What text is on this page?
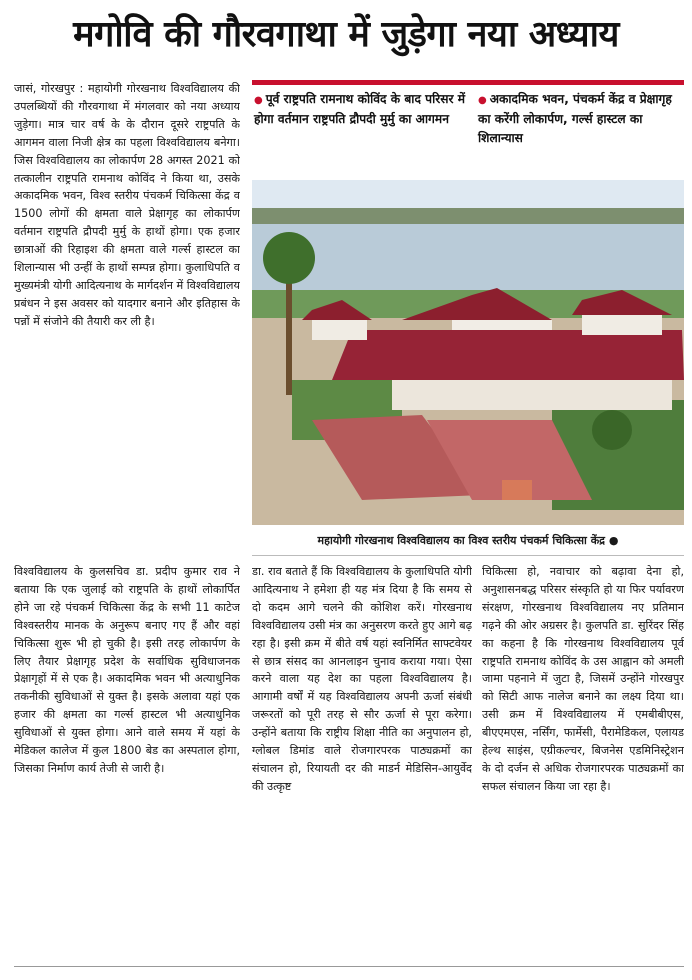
मगोवि की गौरवगाथा में जुड़ेगा नया अध्याय

जासं, गोरखपुर : महायोगी गोरखनाथ विश्वविद्यालय की उपलब्धियों की गौरवगाथा में मंगलवार को नया अध्याय जुड़ेगा। मात्र चार वर्ष के के दौरान दूसरे राष्ट्रपति के आगमन वाला निजी क्षेत्र का पहला विश्वविद्यालय बनेगा। जिस विश्वविद्यालय का लोकार्पण 28 अगस्त 2021 को तत्कालीन राष्ट्रपति रामनाथ कोविंद ने किया था, उसके अकादमिक भवन, विश्व स्तरीय पंचकर्म चिकित्सा केंद्र व 1500 लोगों की क्षमता वाले प्रेक्षागृह का लोकार्पण वर्तमान राष्ट्रपति द्रौपदी मुर्मु के हाथों होगा। एक हजार छात्राओं की रिहाइश की क्षमता वाले गर्ल्स हास्टल का शिलान्यास भी उन्हीं के हाथों सम्पन्न होगा। कुलाधिपति व मुख्यमंत्री योगी आदित्यनाथ के मार्गदर्शन में विश्वविद्यालय प्रबंधन ने इस अवसर को यादगार बनाने और इतिहास के पन्नों में संजोने की तैयारी कर ली है।

विश्वविद्यालय के कुलसचिव डा. प्रदीप कुमार राव ने बताया कि एक जुलाई को राष्ट्रपति के हाथों लोकार्पित होने जा रहे पंचकर्म चिकित्सा केंद्र के सभी 11 काटेज विश्वस्तरीय मानक के अनुरूप बनाए गए हैं और वहां चिकित्सा शुरू भी हो चुकी है। इसी तरह लोकार्पण के लिए तैयार प्रेक्षागृह प्रदेश के सर्वाधिक सुविधाजनक प्रेक्षागृहों में से एक है। अकादमिक भवन भी अत्याधुनिक तकनीकी सुविधाओं से युक्त है। इसके अलावा यहां एक हजार की क्षमता का गर्ल्स हास्टल भी अत्याधुनिक सुविधाओं से युक्त होगा। आने वाले समय में यहां के मेडिकल कालेज में कुल 1800 बेड का अस्पताल होगा, जिसका निर्माण कार्य तेजी से जारी है।

डा. राव बताते हैं कि विश्वविद्यालय के कुलाधिपति योगी आदित्यनाथ ने हमेशा ही यह मंत्र दिया है कि समय से दो कदम आगे चलने की कोशिश करें। गोरखनाथ विश्वविद्यालय उसी मंत्र का अनुसरण करते हुए आगे बढ़ रहा है। इसी क्रम में बीते वर्ष यहां स्वनिर्मित साफ्टवेयर से छात्र संसद का आनलाइन चुनाव कराया गया। ऐसा करने वाला यह देश का पहला विश्वविद्यालय है। आगामी वर्षों में यह विश्वविद्यालय अपनी ऊर्जा संबंधी जरूरतों को पूरी तरह से सौर ऊर्जा से पूरा करेगा। उन्होंने बताया कि राष्ट्रीय शिक्षा नीति का अनुपालन हो, ग्लोबल डिमांड वाले रोजगारपरक पाठ्यक्रमों का संचालन हो, रियायती दर की माडर्न मेडिसिन-आयुर्वेद की उत्कृष्ट

चिकित्सा हो, नवाचार को बढ़ावा देना हो, अनुशासनबद्ध परिसर संस्कृति हो या फिर पर्यावरण संरक्षण, गोरखनाथ विश्वविद्यालय नए प्रतिमान गढ़ने की ओर अग्रसर है। कुलपति डा. सुरिंदर सिंह का कहना है कि गोरखनाथ विश्वविद्यालय पूर्व राष्ट्रपति रामनाथ कोविंद के उस आह्वान को अमली जामा पहनाने में जुटा है, जिसमें उन्होंने गोरखपुर को सिटी आफ नालेज बनाने का लक्ष्य दिया था। उसी क्रम में विश्वविद्यालय में एमबीबीएस, बीएएमएस, नर्सिंग, फार्मेसी, पैरामेडिकल, एलायड हेल्थ साइंस, एग्रीकल्चर, बिजनेस एडमिनिस्ट्रेशन के दो दर्जन से अधिक रोजगारपरक पाठ्यक्रमों का सफल संचालन किया जा रहा है।

● पूर्व राष्ट्रपति रामनाथ कोविंद के बाद परिसर में होगा वर्तमान राष्ट्रपति द्रौपदी मुर्मु का आगमन
● अकादमिक भवन, पंचकर्म केंद्र व प्रेक्षागृह का करेंगी लोकार्पण, गर्ल्स हास्टल का शिलान्यास
महायोगी गोरखनाथ विश्वविद्यालय का विश्व स्तरीय पंचकर्म चिकित्सा केंद्र ●
